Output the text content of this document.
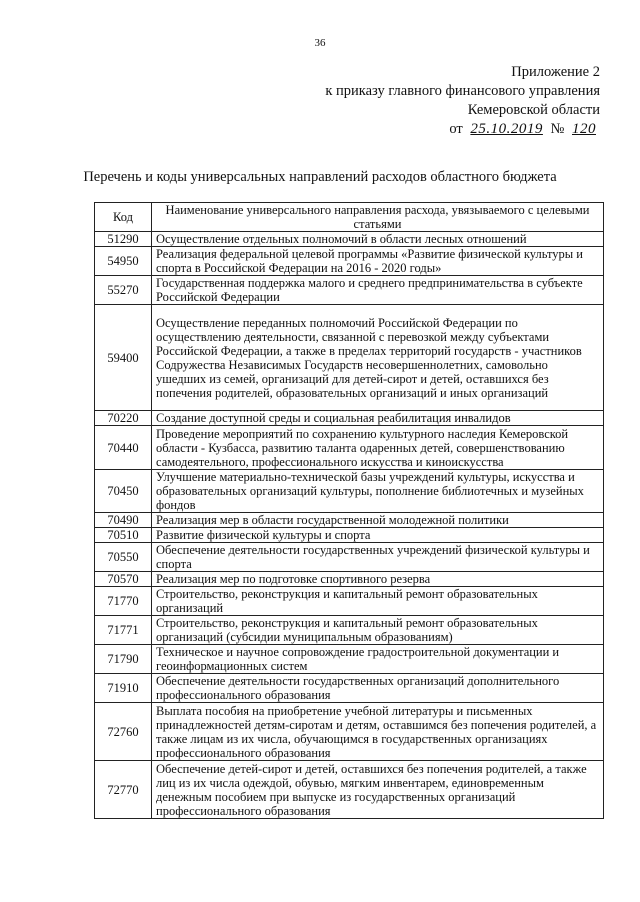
36
Приложение 2
к приказу главного финансового управления
Кемеровской области
от 25.10.2019 № 120
Перечень и коды универсальных направлений расходов областного бюджета
Код	Наименование универсального направления расхода, увязываемого с целевыми статьями
51290	Осуществление отдельных полномочий в области лесных отношений
54950	Реализация федеральной целевой программы «Развитие физической культуры и спорта в Российской Федерации на 2016 - 2020 годы»
55270	Государственная поддержка малого и среднего предпринимательства в субъекте Российской Федерации
59400	Осуществление переданных полномочий Российской Федерации по осуществлению деятельности, связанной с перевозкой между субъектами Российской Федерации, а также в пределах территорий государств - участников Содружества Независимых Государств несовершеннолетних, самовольно ушедших из семей, организаций для детей-сирот и детей, оставшихся без попечения родителей, образовательных организаций и иных организаций
70220	Создание доступной среды и социальная реабилитация инвалидов
70440	Проведение мероприятий по сохранению культурного наследия Кемеровской области - Кузбасса, развитию таланта одаренных детей, совершенствованию самодеятельного, профессионального искусства и киноискусства
70450	Улучшение материально-технической базы учреждений культуры, искусства и образовательных организаций культуры, пополнение библиотечных и музейных фондов
70490	Реализация мер в области государственной молодежной политики
70510	Развитие физической культуры и спорта
70550	Обеспечение деятельности государственных учреждений физической культуры и спорта
70570	Реализация мер по подготовке спортивного резерва
71770	Строительство, реконструкция и капитальный ремонт образовательных организаций
71771	Строительство, реконструкция и капитальный ремонт образовательных организаций (субсидии муниципальным образованиям)
71790	Техническое и научное сопровождение градостроительной документации и геоинформационных систем
71910	Обеспечение деятельности государственных организаций дополнительного профессионального образования
72760	Выплата пособия на приобретение учебной литературы и письменных принадлежностей детям-сиротам и детям, оставшимся без попечения родителей, а также лицам из их числа, обучающимся в государственных организациях профессионального образования
72770	Обеспечение детей-сирот и детей, оставшихся без попечения родителей, а также лиц из их числа одеждой, обувью, мягким инвентарем, единовременным денежным пособием при выпуске из государственных организаций профессионального образования
